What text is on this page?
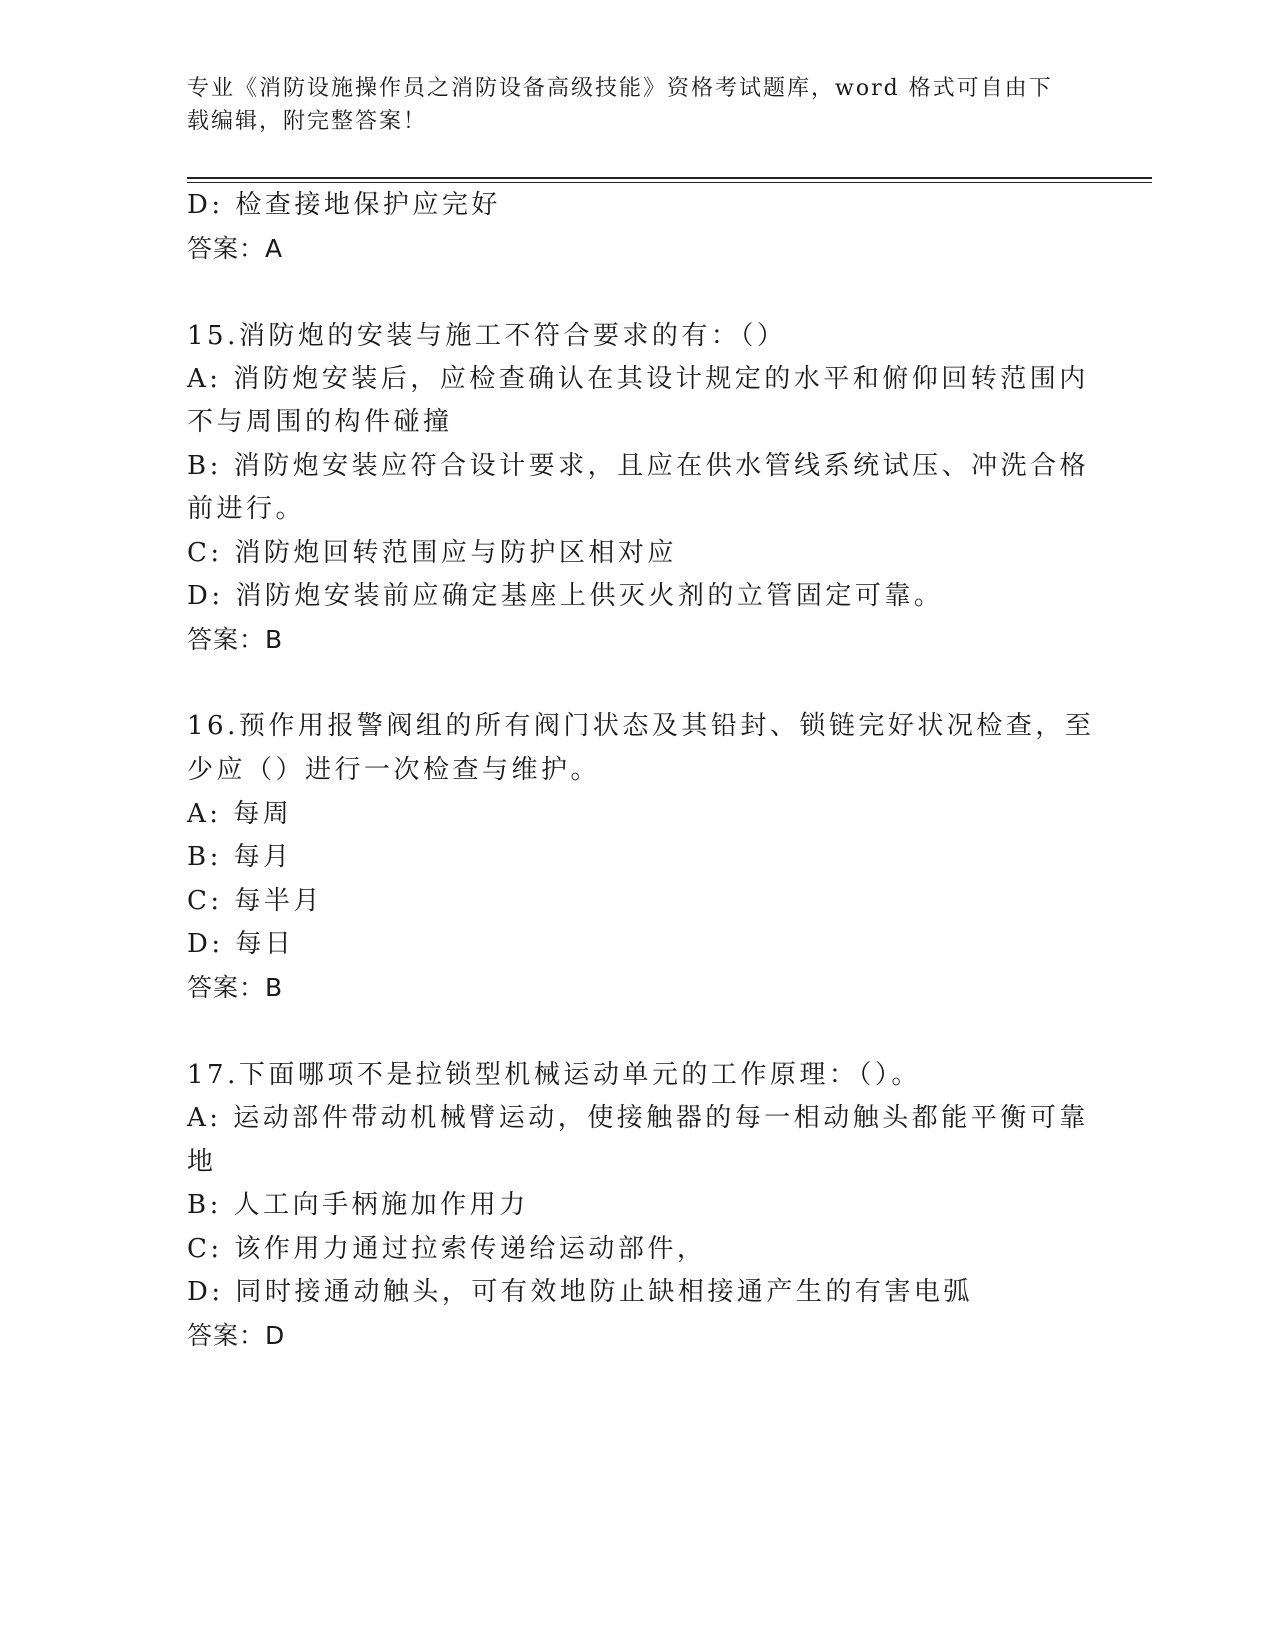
专业《消防设施操作员之消防设备高级技能》资格考试题库，word 格式可自由下
载编辑，附完整答案！
D: 检查接地保护应完好
答案：A
15.消防炮的安装与施工不符合要求的有：（）
A: 消防炮安装后，应检查确认在其设计规定的水平和俯仰回转范围内
不与周围的构件碰撞
B: 消防炮安装应符合设计要求，且应在供水管线系统试压、冲洗合格
前进行。
C: 消防炮回转范围应与防护区相对应
D: 消防炮安装前应确定基座上供灭火剂的立管固定可靠。
答案：B
16.预作用报警阀组的所有阀门状态及其铅封、锁链完好状况检查，至
少应（）进行一次检查与维护。
A: 每周
B: 每月
C: 每半月
D: 每日
答案：B
17.下面哪项不是拉锁型机械运动单元的工作原理：（）。
A: 运动部件带动机械臂运动，使接触器的每一相动触头都能平衡可靠
地
B: 人工向手柄施加作用力
C: 该作用力通过拉索传递给运动部件，
D: 同时接通动触头，可有效地防止缺相接通产生的有害电弧
答案：D
